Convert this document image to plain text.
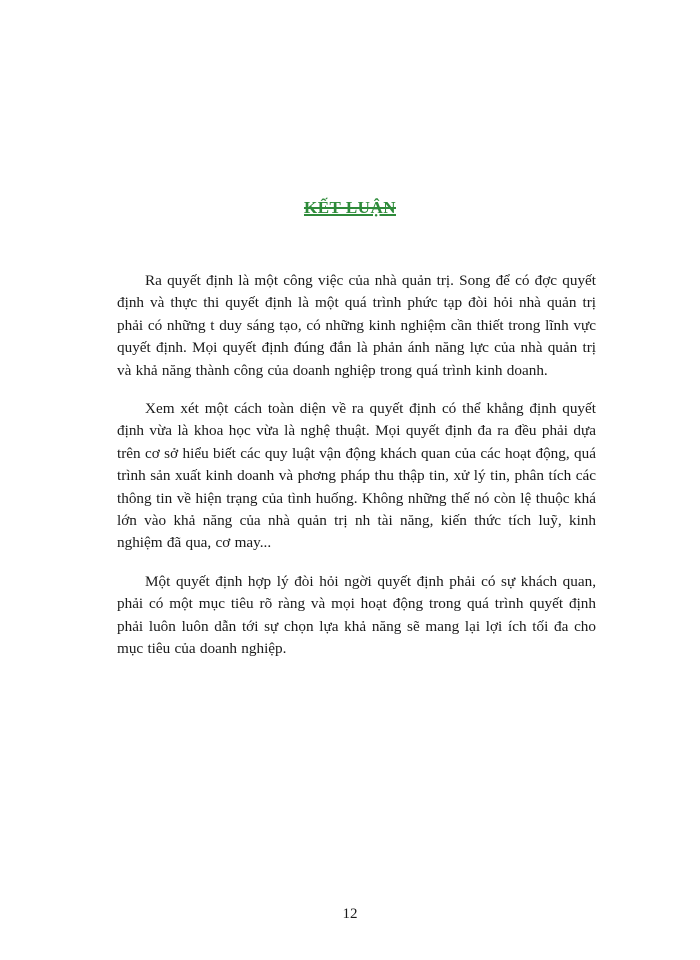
KẾT LUẬN

Ra quyết định là một công việc của nhà quản trị. Song để có đợc quyết định và thực thi quyết định là một quá trình phức tạp đòi hỏi nhà quản trị phải có những t duy sáng tạo, có những kinh nghiệm cần thiết trong lĩnh vực quyết định. Mọi quyết định đúng đắn là phản ánh năng lực của nhà quản trị và khả năng thành công của doanh nghiệp trong quá trình kinh doanh.

Xem xét một cách toàn diện về ra quyết định có thể khẳng định quyết định vừa là khoa học vừa là nghệ thuật. Mọi quyết định đa ra đều phải dựa trên cơ sở hiểu biết các quy luật vận động khách quan của các hoạt động, quá trình sản xuất kinh doanh và phơng pháp thu thập tin, xử lý tin, phân tích các thông tin về hiện trạng của tình huống. Không những thế nó còn lệ thuộc khá lớn vào khả năng của nhà quản trị nh tài năng, kiến thức tích luỹ, kinh nghiệm đã qua, cơ may...

Một quyết định hợp lý đòi hỏi ngời quyết định phải có sự khách quan, phải có một mục tiêu rõ ràng và mọi hoạt động trong quá trình quyết định phải luôn luôn dẫn tới sự chọn lựa khả năng sẽ mang lại lợi ích tối đa cho mục tiêu của doanh nghiệp.

12
